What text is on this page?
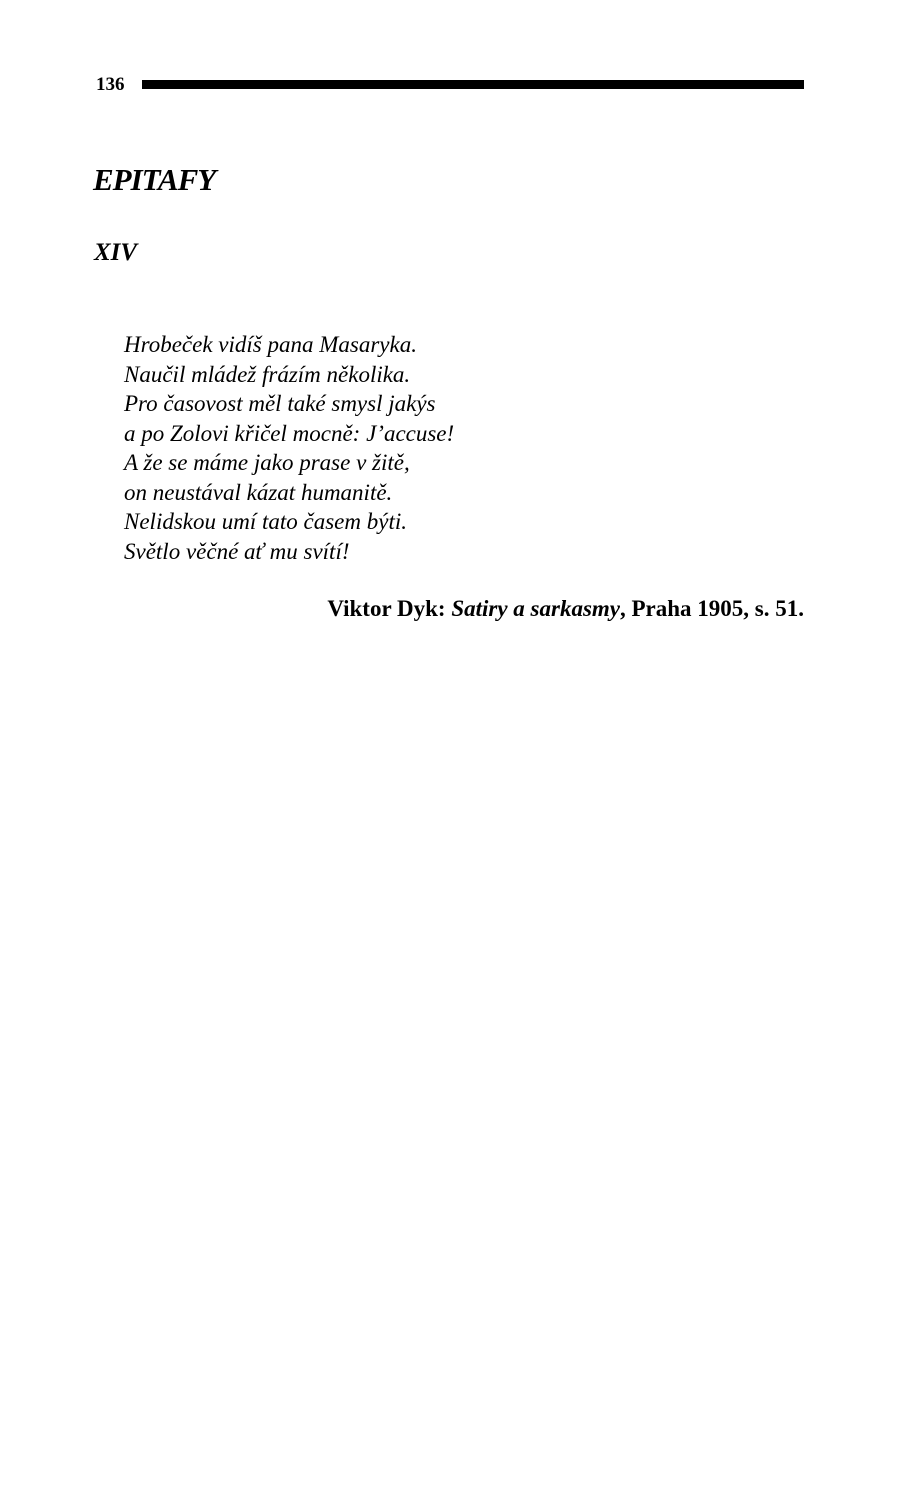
136
EPITAFY
XIV
Hrobeček vidíš pana Masaryka.
Naučil mládež frázím několika.
Pro časovost měl také smysl jakýs
a po Zolovi křičel mocně: J’accuse!
A že se máme jako prase v žitě,
on neustával kázat humanitě.
Nelidskou umí tato časem býti.
Světlo věčné ať mu svítí!
Viktor Dyk: Satiry a sarkasmy, Praha 1905, s. 51.
